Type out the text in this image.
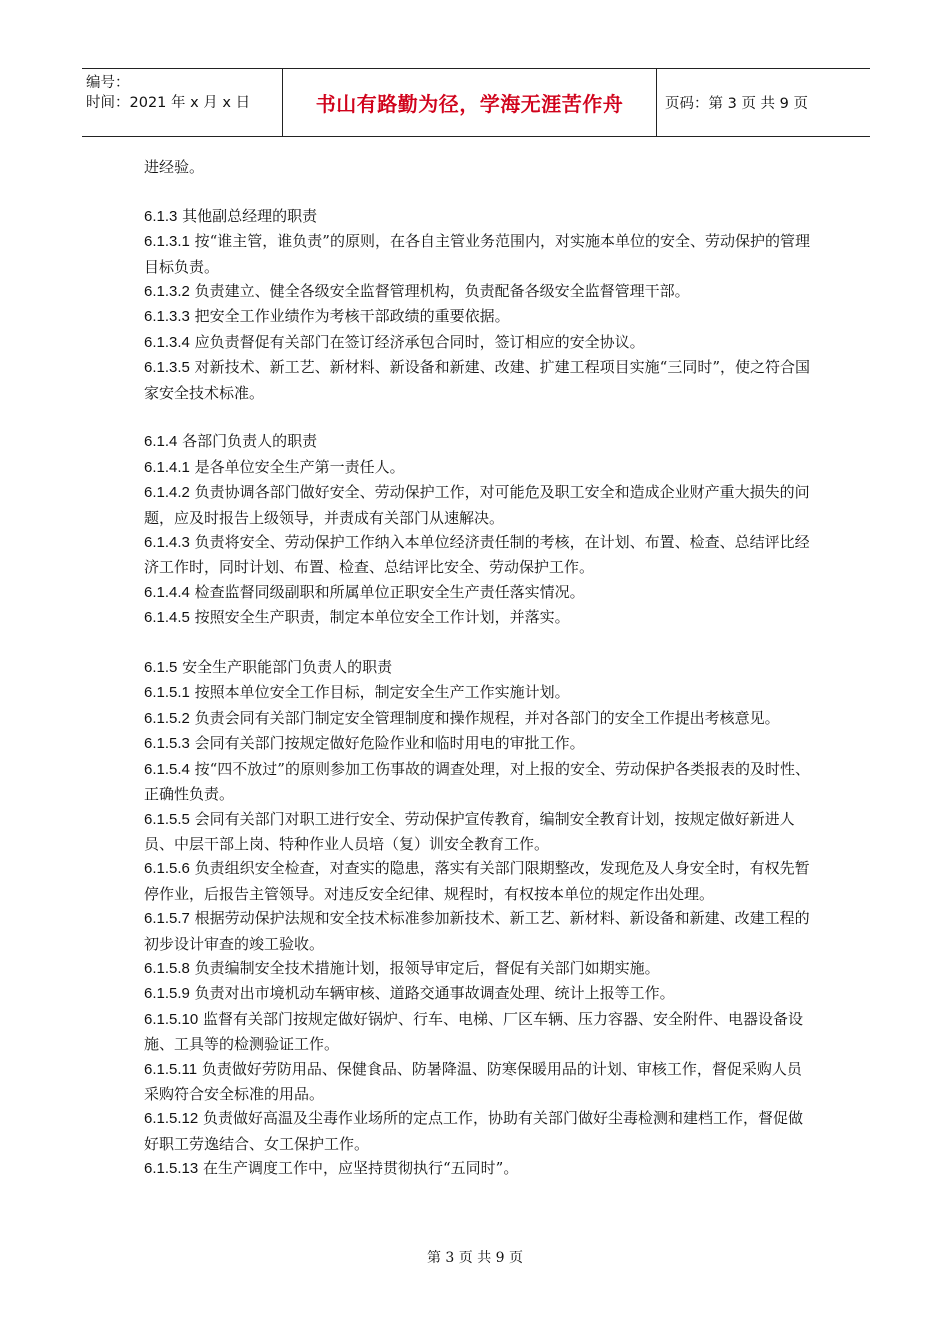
编号：
时间：2021 年 x 月 x 日	书山有路勤为径，学海无涯苦作舟	页码：第 3 页 共 9 页

进经验。

6.1.3 其他副总经理的职责

6.1.3.1 按“谁主管，谁负责”的原则，在各自主管业务范围内，对实施本单位的安全、劳动保护的管理目标负责。

6.1.3.2 负责建立、健全各级安全监督管理机构，负责配备各级安全监督管理干部。

6.1.3.3 把安全工作业绩作为考核干部政绩的重要依据。

6.1.3.4 应负责督促有关部门在签订经济承包合同时，签订相应的安全协议。

6.1.3.5 对新技术、新工艺、新材料、新设备和新建、改建、扩建工程项目实施“三同时”，使之符合国家安全技术标准。

6.1.4 各部门负责人的职责

6.1.4.1 是各单位安全生产第一责任人。

6.1.4.2 负责协调各部门做好安全、劳动保护工作，对可能危及职工安全和造成企业财产重大损失的问题，应及时报告上级领导，并责成有关部门从速解决。

6.1.4.3 负责将安全、劳动保护工作纳入本单位经济责任制的考核，在计划、布置、检查、总结评比经济工作时，同时计划、布置、检查、总结评比安全、劳动保护工作。

6.1.4.4 检查监督同级副职和所属单位正职安全生产责任落实情况。

6.1.4.5 按照安全生产职责，制定本单位安全工作计划，并落实。

6.1.5 安全生产职能部门负责人的职责

6.1.5.1 按照本单位安全工作目标，制定安全生产工作实施计划。

6.1.5.2 负责会同有关部门制定安全管理制度和操作规程，并对各部门的安全工作提出考核意见。

6.1.5.3 会同有关部门按规定做好危险作业和临时用电的审批工作。

6.1.5.4 按“四不放过”的原则参加工伤事故的调查处理，对上报的安全、劳动保护各类报表的及时性、正确性负责。

6.1.5.5 会同有关部门对职工进行安全、劳动保护宣传教育，编制安全教育计划，按规定做好新进人员、中层干部上岗、特种作业人员培（复）训安全教育工作。

6.1.5.6 负责组织安全检查，对查实的隐患，落实有关部门限期整改，发现危及人身安全时，有权先暂停作业，后报告主管领导。对违反安全纪律、规程时，有权按本单位的规定作出处理。

6.1.5.7 根据劳动保护法规和安全技术标准参加新技术、新工艺、新材料、新设备和新建、改建工程的初步设计审查的竣工验收。

6.1.5.8 负责编制安全技术措施计划，报领导审定后，督促有关部门如期实施。

6.1.5.9 负责对出市境机动车辆审核、道路交通事故调查处理、统计上报等工作。

6.1.5.10 监督有关部门按规定做好锅炉、行车、电梯、厂区车辆、压力容器、安全附件、电器设备设施、工具等的检测验证工作。

6.1.5.11 负责做好劳防用品、保健食品、防暑降温、防寒保暖用品的计划、审核工作，督促采购人员采购符合安全标准的用品。

6.1.5.12 负责做好高温及尘毒作业场所的定点工作，协助有关部门做好尘毒检测和建档工作，督促做好职工劳逸结合、女工保护工作。

6.1.5.13 在生产调度工作中，应坚持贯彻执行“五同时”。

第 3 页 共 9 页
